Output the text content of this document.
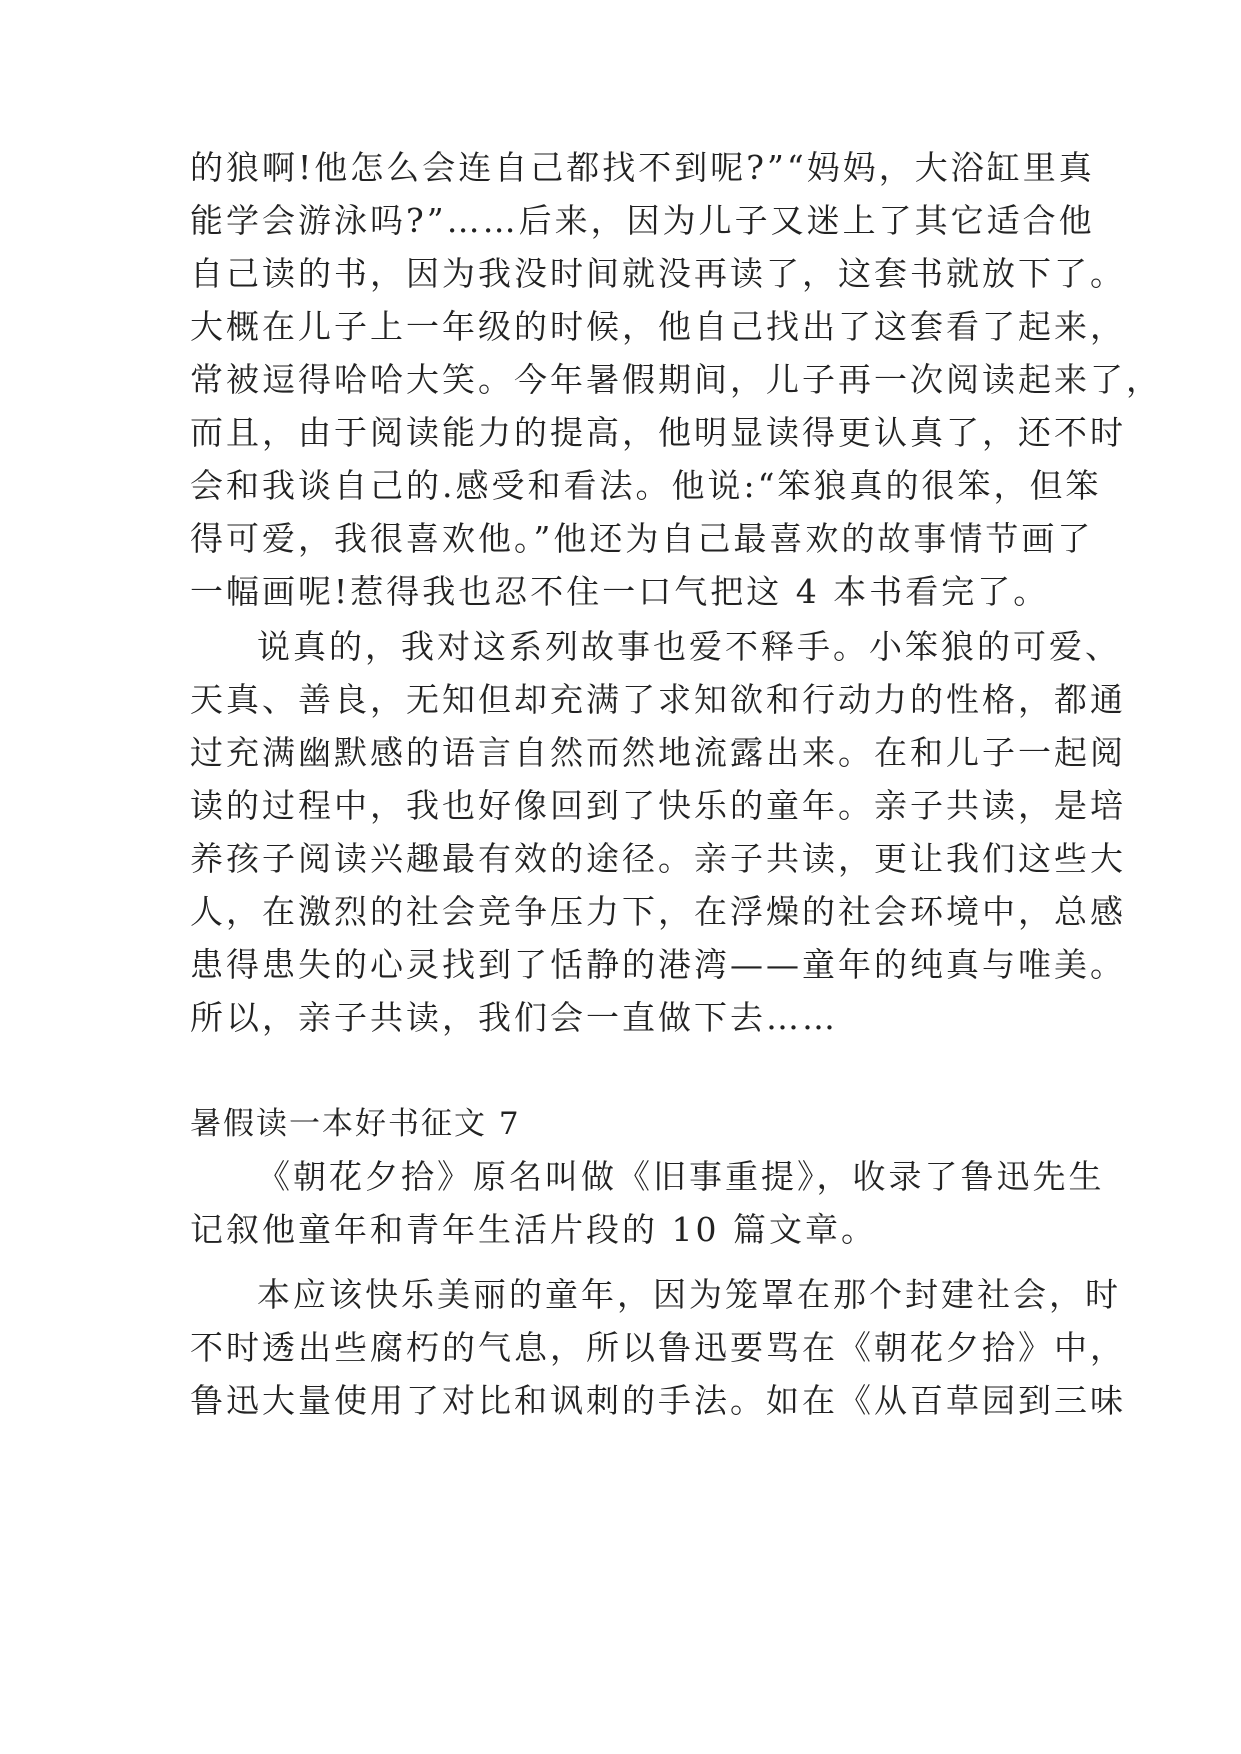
的狼啊!他怎么会连自己都找不到呢?”“妈妈，大浴缸里真
能学会游泳吗?”……后来，因为儿子又迷上了其它适合他
自己读的书，因为我没时间就没再读了，这套书就放下了。
大概在儿子上一年级的时候，他自己找出了这套看了起来，
常被逗得哈哈大笑。今年暑假期间，儿子再一次阅读起来了，
而且，由于阅读能力的提高，他明显读得更认真了，还不时
会和我谈自己的.感受和看法。他说:“笨狼真的很笨，但笨
得可爱，我很喜欢他。”他还为自己最喜欢的故事情节画了
一幅画呢!惹得我也忍不住一口气把这 4 本书看完了。
说真的，我对这系列故事也爱不释手。小笨狼的可爱、
天真、善良，无知但却充满了求知欲和行动力的性格，都通
过充满幽默感的语言自然而然地流露出来。在和儿子一起阅
读的过程中，我也好像回到了快乐的童年。亲子共读，是培
养孩子阅读兴趣最有效的途径。亲子共读，更让我们这些大
人，在激烈的社会竞争压力下，在浮燥的社会环境中，总感
患得患失的心灵找到了恬静的港湾——童年的纯真与唯美。
所以，亲子共读，我们会一直做下去……
暑假读一本好书征文 7
《朝花夕拾》原名叫做《旧事重提》，收录了鲁迅先生
记叙他童年和青年生活片段的 10 篇文章。
本应该快乐美丽的童年，因为笼罩在那个封建社会，时
不时透出些腐朽的气息，所以鲁迅要骂在《朝花夕拾》中，
鲁迅大量使用了对比和讽刺的手法。如在《从百草园到三味
